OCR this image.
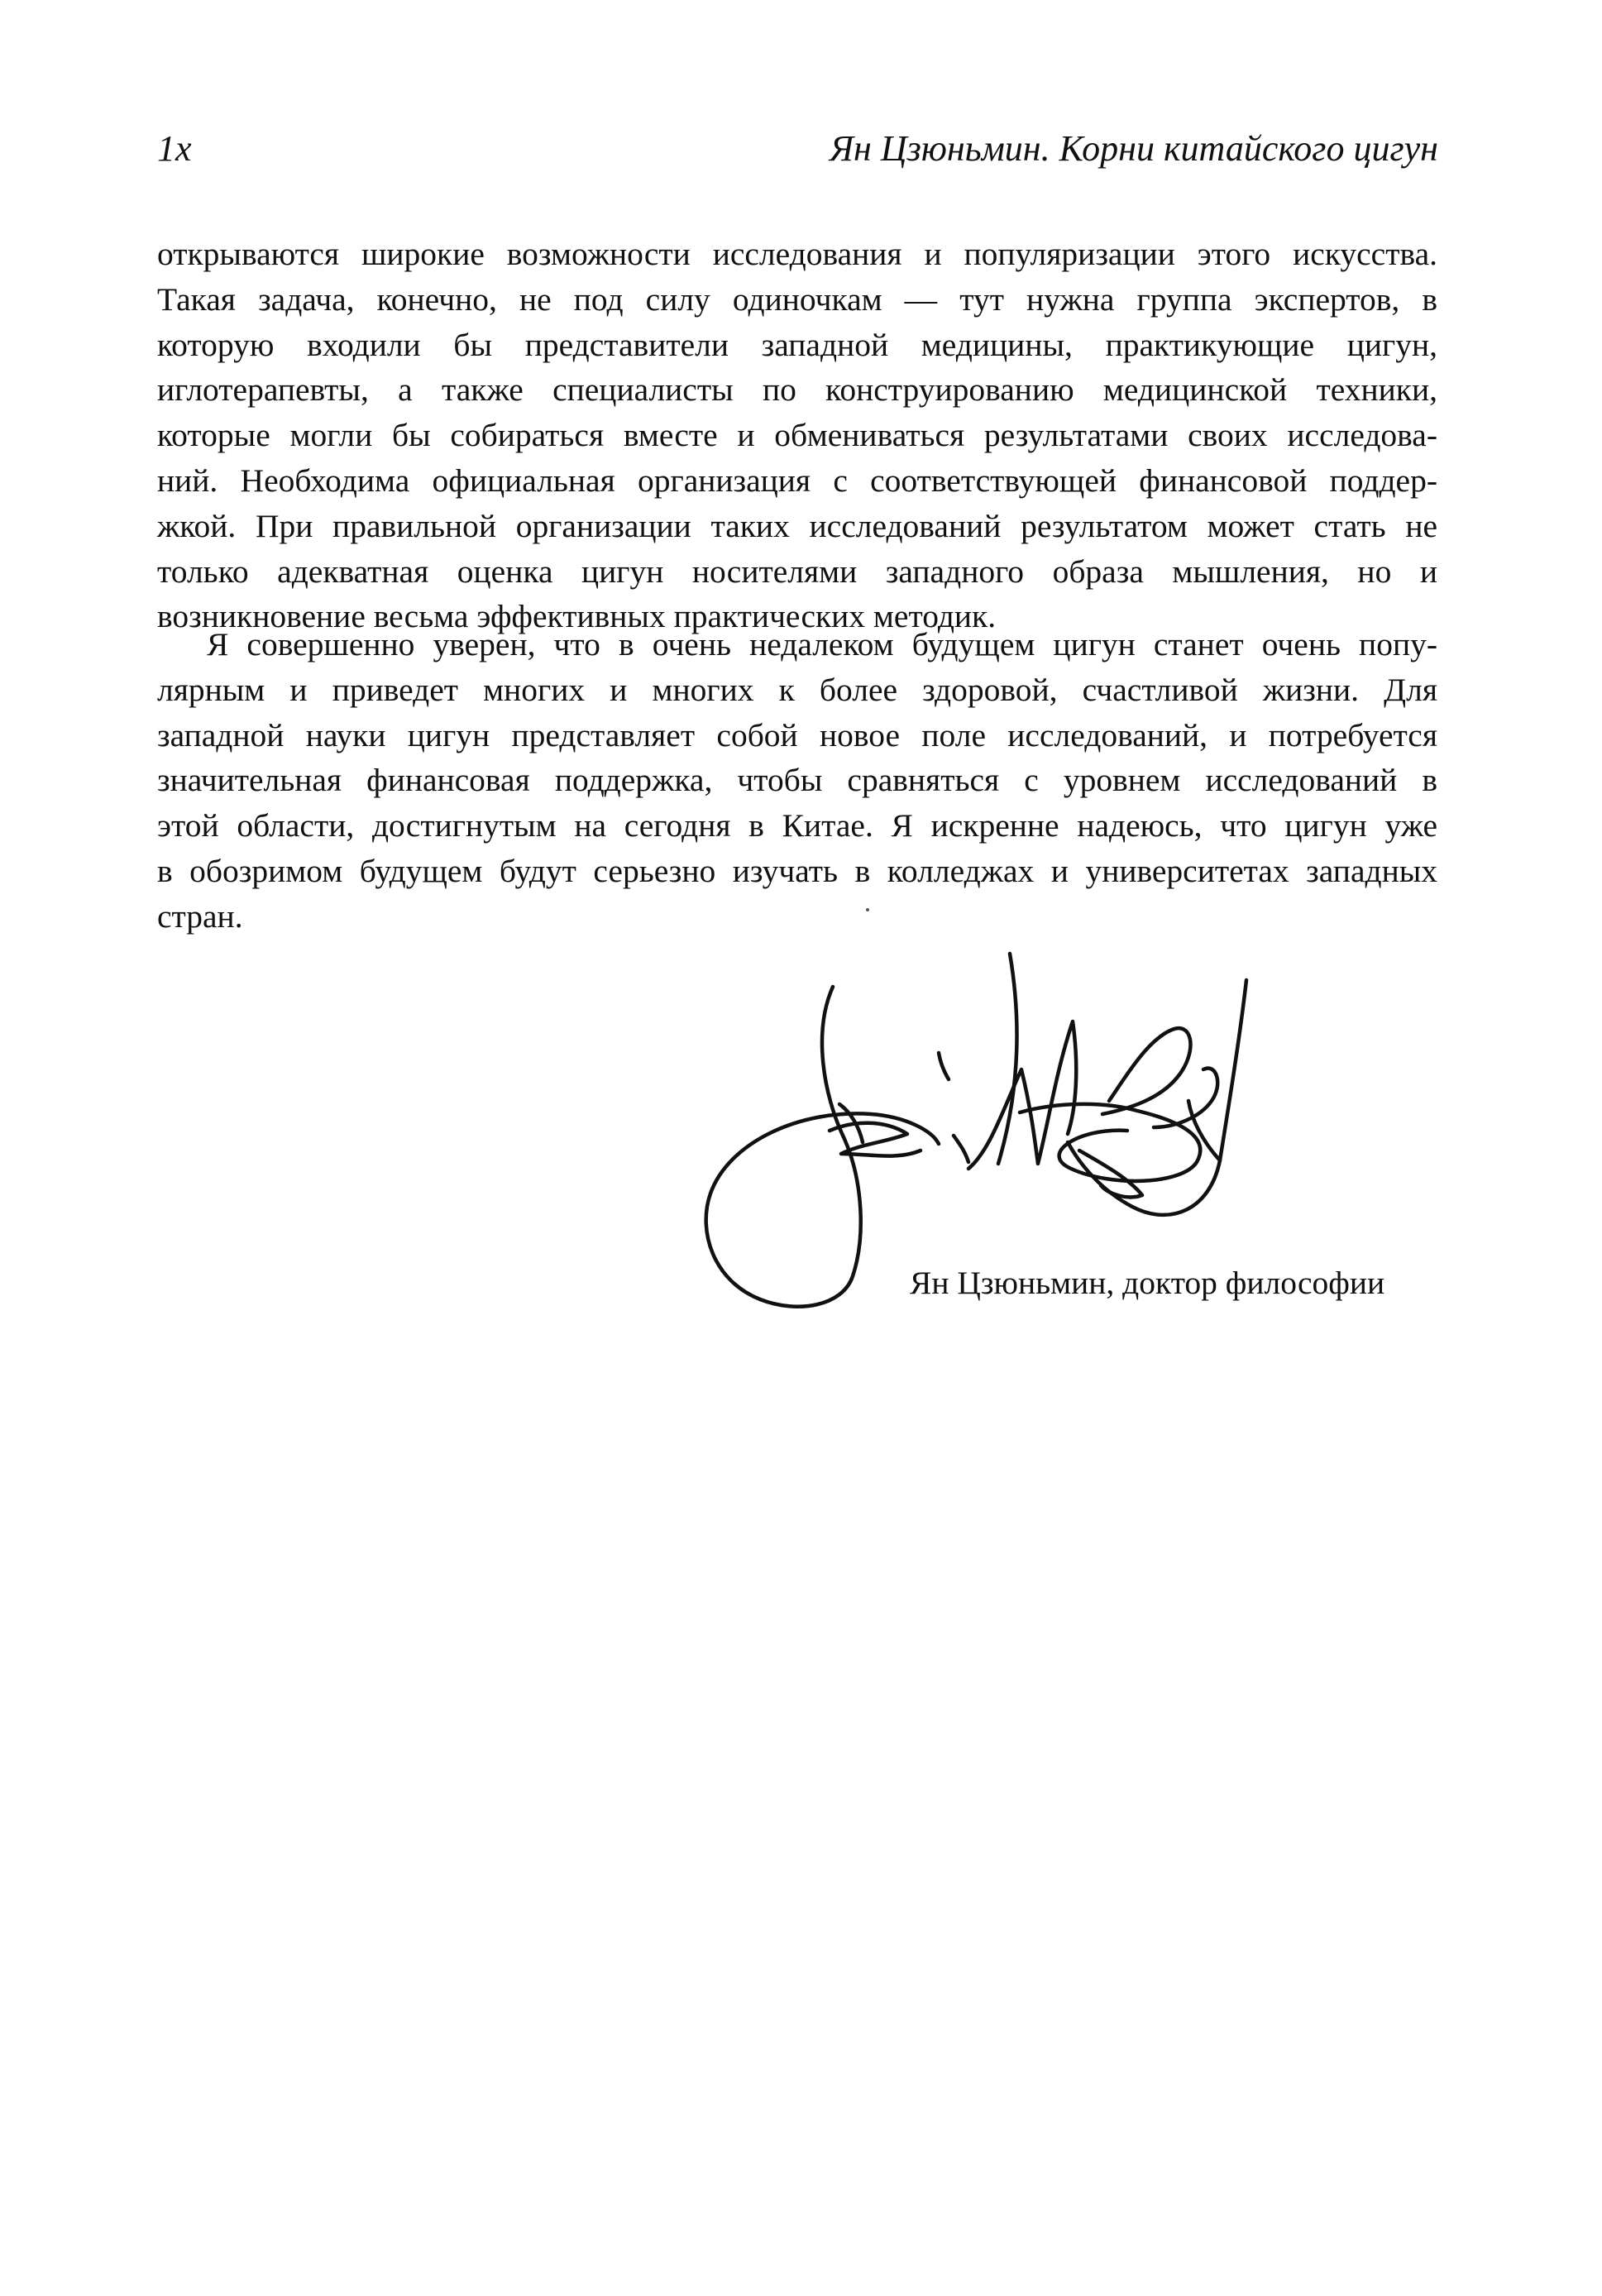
1х	Ян Цзюньмин. Корни китайского цигун
открываются широкие возможности исследования и популяризации этого искусства.
Такая задача, конечно, не под силу одиночкам — тут нужна группа экспертов, в
которую входили бы представители западной медицины, практикующие цигун,
иглотерапевты, а также специалисты по конструированию медицинской техники,
которые могли бы собираться вместе и обмениваться результатами своих исследова-
ний. Необходима официальная организация с соответствующей финансовой поддер-
жкой. При правильной организации таких исследований результатом может стать не
только адекватная оценка цигун носителями западного образа мышления, но и
возникновение весьма эффективных практических методик.
Я совершенно уверен, что в очень недалеком будущем цигун станет очень попу-
лярным и приведет многих и многих к более здоровой, счастливой жизни. Для
западной науки цигун представляет собой новое поле исследований, и потребуется
значительная финансовая поддержка, чтобы сравняться с уровнем исследований в
этой области, достигнутым на сегодня в Китае. Я искренне надеюсь, что цигун уже
в обозримом будущем будут серьезно изучать в колледжах и университетах западных
стран.
Ян Цзюньмин, доктор философии
